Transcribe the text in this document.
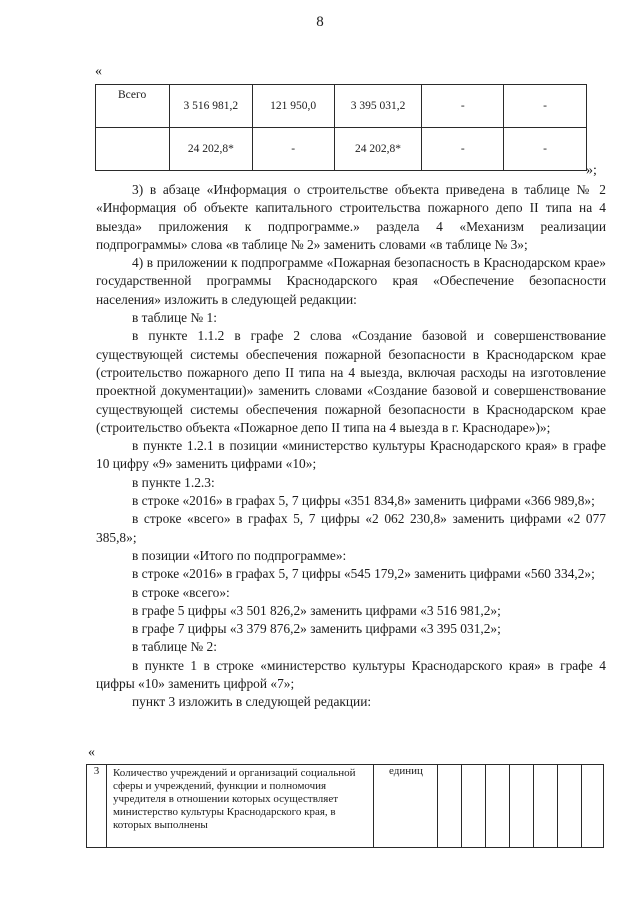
8
«
Всего	3 516 981,2	121 950,0	3 395 031,2	-	-
	24 202,8*	-	24 202,8*	-	-
»;

3) в абзаце «Информация о строительстве объекта приведена в таблице № 2 «Информация об объекте капитального строительства пожарного депо II типа на 4 выезда» приложения к подпрограмме.» раздела 4 «Механизм реализации подпрограммы» слова «в таблице № 2» заменить словами «в таблице № 3»;

4) в приложении к подпрограмме «Пожарная безопасность в Краснодарском крае» государственной программы Краснодарского края «Обеспечение безопасности населения» изложить в следующей редакции:

в таблице № 1:

в пункте 1.1.2 в графе 2 слова «Создание базовой и совершенствование существующей системы обеспечения пожарной безопасности в Краснодарском крае (строительство пожарного депо II типа на 4 выезда, включая расходы на изготовление проектной документации)» заменить словами «Создание базовой и совершенствование существующей системы обеспечения пожарной безопасности в Краснодарском крае (строительство объекта «Пожарное депо II типа на 4 выезда в г. Краснодаре»)»;

в пункте 1.2.1 в позиции «министерство культуры Краснодарского края» в графе 10 цифру «9» заменить цифрами «10»;

в пункте 1.2.3:

в строке «2016» в графах 5, 7 цифры «351 834,8» заменить цифрами «366 989,8»;

в строке «всего» в графах 5, 7 цифры «2 062 230,8» заменить цифрами «2 077 385,8»;

в позиции «Итого по подпрограмме»:

в строке «2016» в графах 5, 7 цифры «545 179,2» заменить цифрами «560 334,2»;

в строке «всего»:

в графе 5 цифры «3 501 826,2» заменить цифрами «3 516 981,2»;

в графе 7 цифры «3 379 876,2» заменить цифрами «3 395 031,2»;

в таблице № 2:

в пункте 1 в строке «министерство культуры Краснодарского края» в графе 4 цифры «10» заменить цифрой «7»;

пункт 3 изложить в следующей редакции:

«
3	Количество учреждений и организаций социальной сферы и учреждений, функции и полномочия учредителя в отношении которых осуществляет министерство культуры Краснодарского края, в которых выполнены	единиц							
